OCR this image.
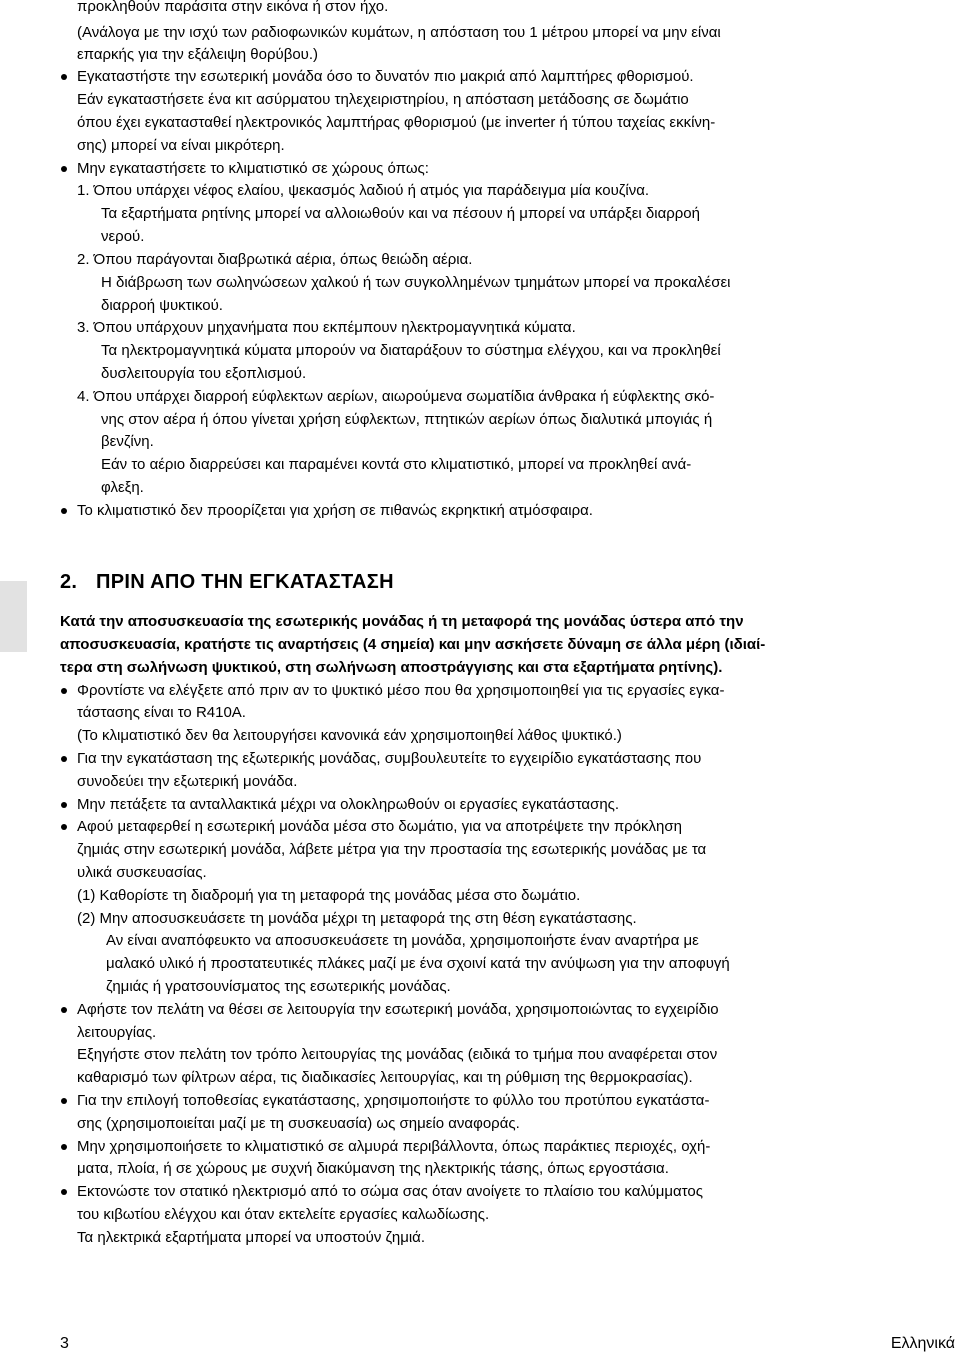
προκληθούν παράσιτα στην εικόνα ή στον ήχο.
(Ανάλογα με την ισχύ των ραδιοφωνικών κυμάτων, η απόσταση του 1 μέτρου μπορεί να μην είναι
επαρκής για την εξάλειψη θορύβου.)
Εγκαταστήστε την εσωτερική μονάδα όσο το δυνατόν πιο μακριά από λαμπτήρες φθορισμού.
Εάν εγκαταστήσετε ένα κιτ ασύρματου τηλεχειριστηρίου, η απόσταση μετάδοσης σε δωμάτιο
όπου έχει εγκατασταθεί ηλεκτρονικός λαμπτήρας φθορισμού (με inverter ή τύπου ταχείας εκκίνη-
σης) μπορεί να είναι μικρότερη.
Μην εγκαταστήσετε το κλιματιστικό σε χώρους όπως:
1. Όπου υπάρχει νέφος ελαίου, ψεκασμός λαδιού ή ατμός για παράδειγμα μία κουζίνα.
Τα εξαρτήματα ρητίνης μπορεί να αλλοιωθούν και να πέσουν ή μπορεί να υπάρξει διαρροή
νερού.
2. Όπου παράγονται διαβρωτικά αέρια, όπως θειώδη αέρια.
Η διάβρωση των σωληνώσεων χαλκού ή των συγκολλημένων τμημάτων μπορεί να προκαλέσει
διαρροή ψυκτικού.
3. Όπου υπάρχουν μηχανήματα που εκπέμπουν ηλεκτρομαγνητικά κύματα.
Τα ηλεκτρομαγνητικά κύματα μπορούν να διαταράξουν το σύστημα ελέγχου, και να προκληθεί
δυσλειτουργία του εξοπλισμού.
4. Όπου υπάρχει διαρροή εύφλεκτων αερίων, αιωρούμενα σωματίδια άνθρακα ή εύφλεκτης σκό-
νης στον αέρα ή όπου γίνεται χρήση εύφλεκτων, πτητικών αερίων όπως διαλυτικά μπογιάς ή
βενζίνη.
Εάν το αέριο διαρρεύσει και παραμένει κοντά στο κλιματιστικό, μπορεί να προκληθεί ανά-
φλεξη.
Το κλιματιστικό δεν προορίζεται για χρήση σε πιθανώς εκρηκτική ατμόσφαιρα.
2. ΠΡΙΝ ΑΠΟ ΤΗΝ ΕΓΚΑΤΑΣΤΑΣΗ
Κατά την αποσυσκευασία της εσωτερικής μονάδας ή τη μεταφορά της μονάδας ύστερα από την
αποσυσκευασία, κρατήστε τις αναρτήσεις (4 σημεία) και μην ασκήσετε δύναμη σε άλλα μέρη (ιδιαί-
τερα στη σωλήνωση ψυκτικού, στη σωλήνωση αποστράγγισης και στα εξαρτήματα ρητίνης).
Φροντίστε να ελέγξετε από πριν αν το ψυκτικό μέσο που θα χρησιμοποιηθεί για τις εργασίες εγκα-
τάστασης είναι το R410A.
(Το κλιματιστικό δεν θα λειτουργήσει κανονικά εάν χρησιμοποιηθεί λάθος ψυκτικό.)
Για την εγκατάσταση της εξωτερικής μονάδας, συμβουλευτείτε το εγχειρίδιο εγκατάστασης που
συνοδεύει την εξωτερική μονάδα.
Μην πετάξετε τα ανταλλακτικά μέχρι να ολοκληρωθούν οι εργασίες εγκατάστασης.
Αφού μεταφερθεί η εσωτερική μονάδα μέσα στο δωμάτιο, για να αποτρέψετε την πρόκληση
ζημιάς στην εσωτερική μονάδα, λάβετε μέτρα για την προστασία της εσωτερικής μονάδας με τα
υλικά συσκευασίας.
(1) Καθορίστε τη διαδρομή για τη μεταφορά της μονάδας μέσα στο δωμάτιο.
(2) Μην αποσυσκευάσετε τη μονάδα μέχρι τη μεταφορά της στη θέση εγκατάστασης.
Αν είναι αναπόφευκτο να αποσυσκευάσετε τη μονάδα, χρησιμοποιήστε έναν αναρτήρα με
μαλακό υλικό ή προστατευτικές πλάκες μαζί με ένα σχοινί κατά την ανύψωση για την αποφυγή
ζημιάς ή γρατσουνίσματος της εσωτερικής μονάδας.
Αφήστε τον πελάτη να θέσει σε λειτουργία την εσωτερική μονάδα, χρησιμοποιώντας το εγχειρίδιο
λειτουργίας.
Εξηγήστε στον πελάτη τον τρόπο λειτουργίας της μονάδας (ειδικά το τμήμα που αναφέρεται στον
καθαρισμό των φίλτρων αέρα, τις διαδικασίες λειτουργίας, και τη ρύθμιση της θερμοκρασίας).
Για την επιλογή τοποθεσίας εγκατάστασης, χρησιμοποιήστε το φύλλο του προτύπου εγκατάστα-
σης (χρησιμοποιείται μαζί με τη συσκευασία) ως σημείο αναφοράς.
Μην χρησιμοποιήσετε το κλιματιστικό σε αλμυρά περιβάλλοντα, όπως παράκτιες περιοχές, οχή-
ματα, πλοία, ή σε χώρους με συχνή διακύμανση της ηλεκτρικής τάσης, όπως εργοστάσια.
Εκτονώστε τον στατικό ηλεκτρισμό από το σώμα σας όταν ανοίγετε το πλαίσιο του καλύμματος
του κιβωτίου ελέγχου και όταν εκτελείτε εργασίες καλωδίωσης.
Τα ηλεκτρικά εξαρτήματα μπορεί να υποστούν ζημιά.
3	Ελληνικά
